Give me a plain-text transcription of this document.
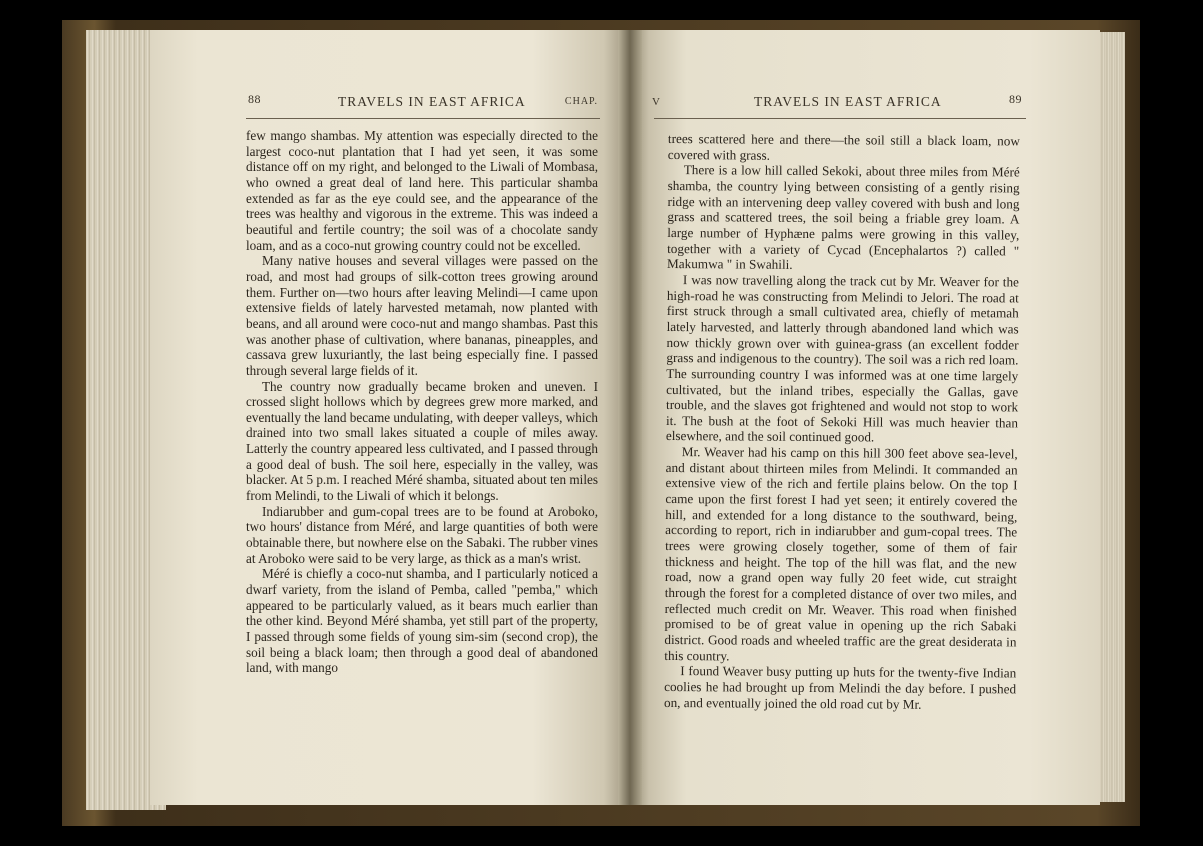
88	TRAVELS IN EAST AFRICA	CHAP.	V	TRAVELS IN EAST AFRICA	89

few mango shambas. My attention was especially directed to the largest coco-nut plantation that I had yet seen, it was some distance off on my right, and belonged to the Liwali of Mombasa, who owned a great deal of land here. This particular shamba extended as far as the eye could see, and the appearance of the trees was healthy and vigorous in the extreme. This was indeed a beautiful and fertile country; the soil was of a chocolate sandy loam, and as a coco-nut growing country could not be excelled.

Many native houses and several villages were passed on the road, and most had groups of silk-cotton trees growing around them. Further on—two hours after leaving Melindi—I came upon extensive fields of lately harvested metamah, now planted with beans, and all around were coco-nut and mango shambas. Past this was another phase of cultivation, where bananas, pineapples, and cassava grew luxuriantly, the last being especially fine. I passed through several large fields of it.

The country now gradually became broken and uneven. I crossed slight hollows which by degrees grew more marked, and eventually the land became undulating, with deeper valleys, which drained into two small lakes situated a couple of miles away. Latterly the country appeared less cultivated, and I passed through a good deal of bush. The soil here, especially in the valley, was blacker. At 5 p.m. I reached Méré shamba, situated about ten miles from Melindi, to the Liwali of which it belongs.

Indiarubber and gum-copal trees are to be found at Aroboko, two hours' distance from Méré, and large quantities of both were obtainable there, but nowhere else on the Sabaki. The rubber vines at Aroboko were said to be very large, as thick as a man's wrist.

Méré is chiefly a coco-nut shamba, and I particularly noticed a dwarf variety, from the island of Pemba, called "pemba," which appeared to be particularly valued, as it bears much earlier than the other kind. Beyond Méré shamba, yet still part of the property, I passed through some fields of young sim-sim (second crop), the soil being a black loam; then through a good deal of abandoned land, with mango

trees scattered here and there—the soil still a black loam, now covered with grass.

There is a low hill called Sekoki, about three miles from Méré shamba, the country lying between consisting of a gently rising ridge with an intervening deep valley covered with bush and long grass and scattered trees, the soil being a friable grey loam. A large number of Hyphæne palms were growing in this valley, together with a variety of Cycad (Encephalartos ?) called " Makumwa " in Swahili.

I was now travelling along the track cut by Mr. Weaver for the high-road he was constructing from Melindi to Jelori. The road at first struck through a small cultivated area, chiefly of metamah lately harvested, and latterly through abandoned land which was now thickly grown over with guinea-grass (an excellent fodder grass and indigenous to the country). The soil was a rich red loam. The surrounding country I was informed was at one time largely cultivated, but the inland tribes, especially the Gallas, gave trouble, and the slaves got frightened and would not stop to work it. The bush at the foot of Sekoki Hill was much heavier than elsewhere, and the soil continued good.

Mr. Weaver had his camp on this hill 300 feet above sea-level, and distant about thirteen miles from Melindi. It commanded an extensive view of the rich and fertile plains below. On the top I came upon the first forest I had yet seen; it entirely covered the hill, and extended for a long distance to the southward, being, according to report, rich in indiarubber and gum-copal trees. The trees were growing closely together, some of them of fair thickness and height. The top of the hill was flat, and the new road, now a grand open way fully 20 feet wide, cut straight through the forest for a completed distance of over two miles, and reflected much credit on Mr. Weaver. This road when finished promised to be of great value in opening up the rich Sabaki district. Good roads and wheeled traffic are the great desiderata in this country.

I found Weaver busy putting up huts for the twenty-five Indian coolies he had brought up from Melindi the day before. I pushed on, and eventually joined the old road cut by Mr.
